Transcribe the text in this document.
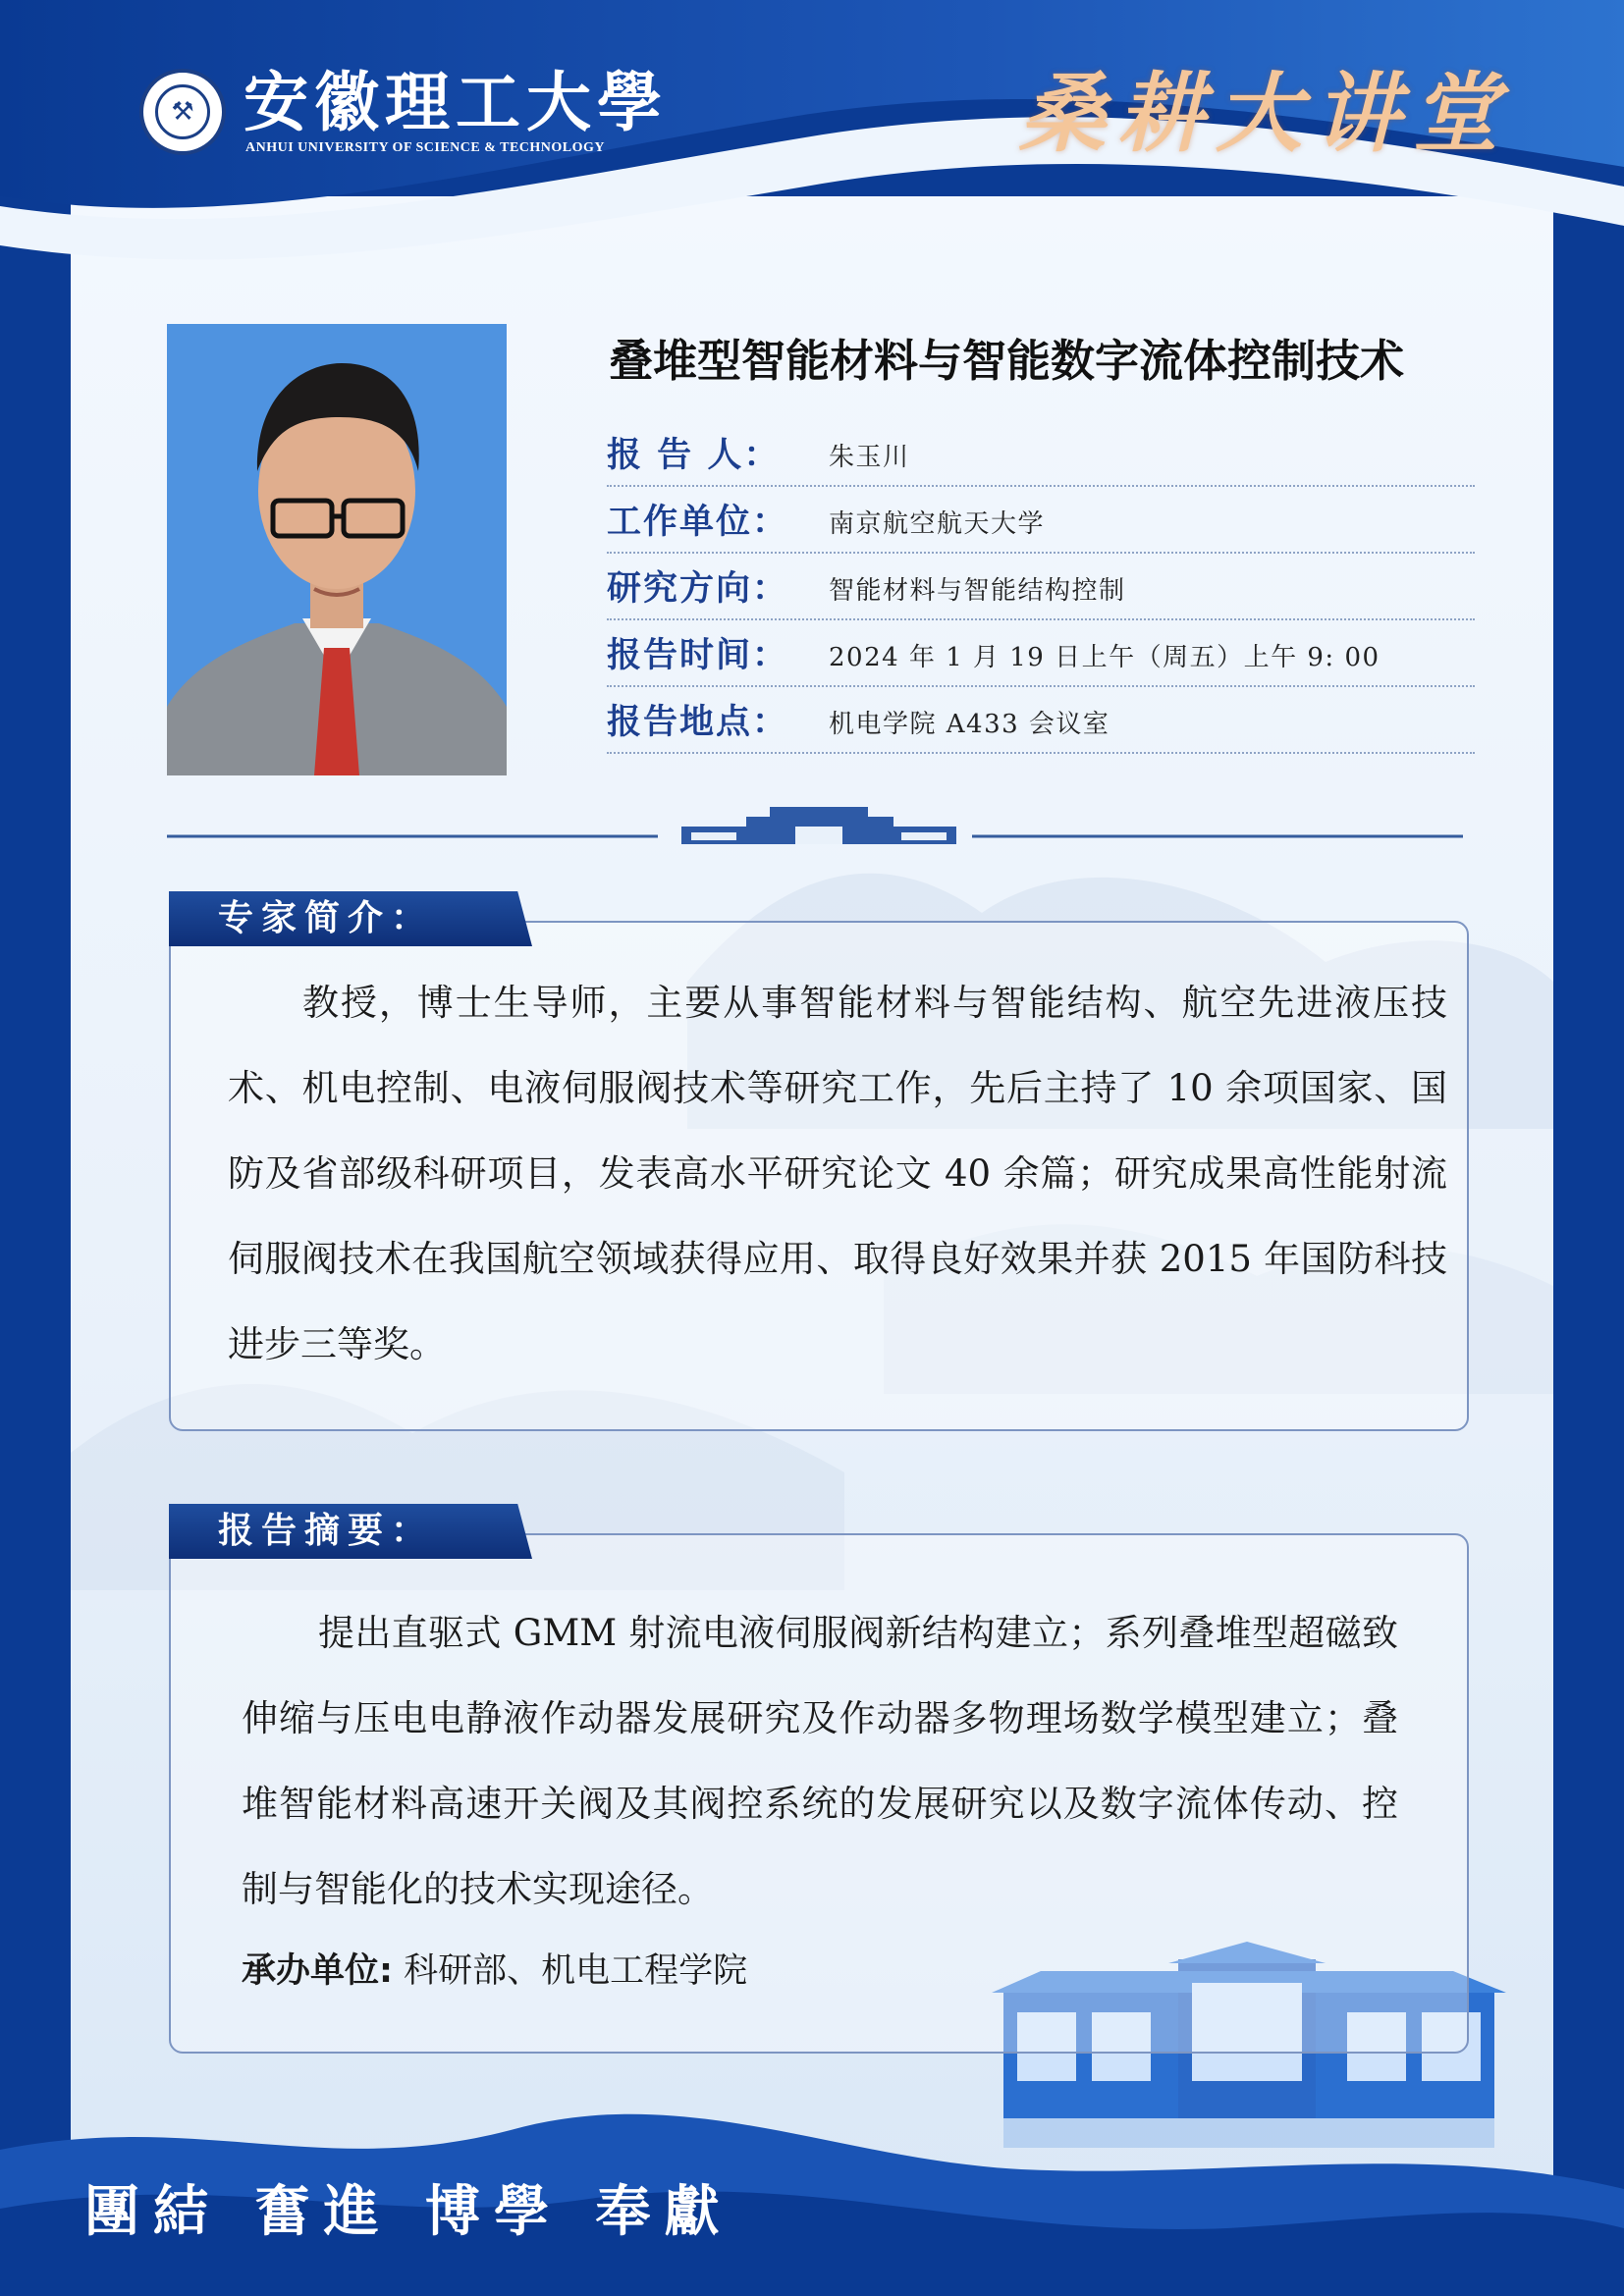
⚒ 安徽理工大學
ANHUI UNIVERSITY OF SCIENCE & TECHNOLOGY	桑耕大讲堂
叠堆型智能材料与智能数字流体控制技术
报 告 人： 朱玉川
工作单位： 南京航空航天大学
研究方向： 智能材料与智能结构控制
报告时间： 2024 年 1 月 19 日上午（周五）上午 9: 00
报告地点： 机电学院 A433 会议室
专家简介：
教授，博士生导师，主要从事智能材料与智能结构、航空先进液压技术、机电控制、电液伺服阀技术等研究工作，先后主持了 10 余项国家、国防及省部级科研项目，发表高水平研究论文 40 余篇；研究成果高性能射流伺服阀技术在我国航空领域获得应用、取得良好效果并获 2015 年国防科技进步三等奖。
报告摘要：
提出直驱式 GMM 射流电液伺服阀新结构建立；系列叠堆型超磁致伸缩与压电电静液作动器发展研究及作动器多物理场数学模型建立；叠堆智能材料高速开关阀及其阀控系统的发展研究以及数字流体传动、控制与智能化的技术实现途径。
承办单位: 科研部、机电工程学院
團結 奮進 博學 奉獻
